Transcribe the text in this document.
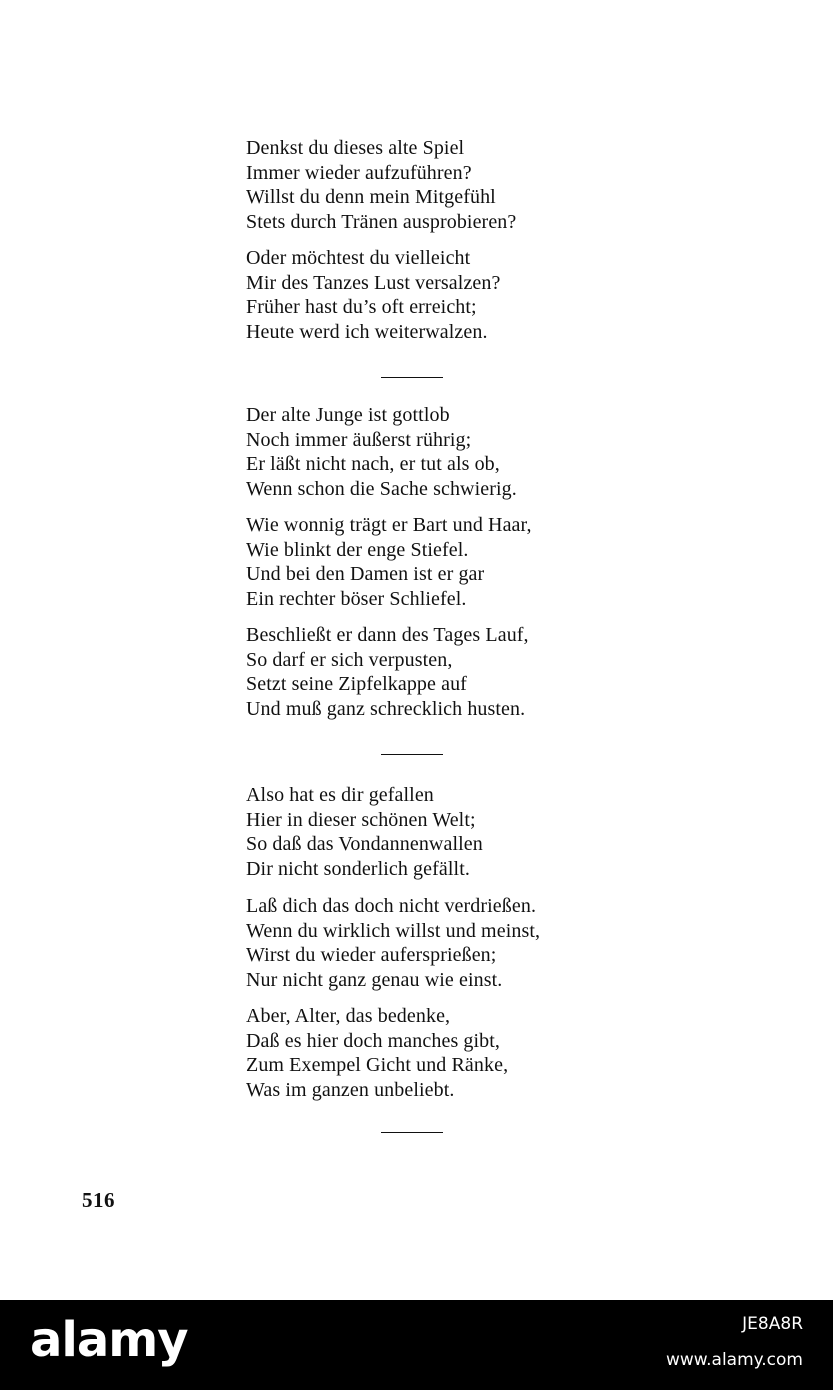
Denkst du dieses alte Spiel
Immer wieder aufzuführen?
Willst du denn mein Mitgefühl
Stets durch Tränen ausprobieren?

Oder möchtest du vielleicht
Mir des Tanzes Lust versalzen?
Früher hast du’s oft erreicht;
Heute werd ich weiterwalzen.

Der alte Junge ist gottlob
Noch immer äußerst rührig;
Er läßt nicht nach, er tut als ob,
Wenn schon die Sache schwierig.

Wie wonnig trägt er Bart und Haar,
Wie blinkt der enge Stiefel.
Und bei den Damen ist er gar
Ein rechter böser Schliefel.

Beschließt er dann des Tages Lauf,
So darf er sich verpusten,
Setzt seine Zipfelkappe auf
Und muß ganz schrecklich husten.

Also hat es dir gefallen
Hier in dieser schönen Welt;
So daß das Vondannenwallen
Dir nicht sonderlich gefällt.

Laß dich das doch nicht verdrießen.
Wenn du wirklich willst und meinst,
Wirst du wieder aufersprießen;
Nur nicht ganz genau wie einst.

Aber, Alter, das bedenke,
Daß es hier doch manches gibt,
Zum Exempel Gicht und Ränke,
Was im ganzen unbeliebt.

516
alamy	JE8A8R
www.alamy.com
